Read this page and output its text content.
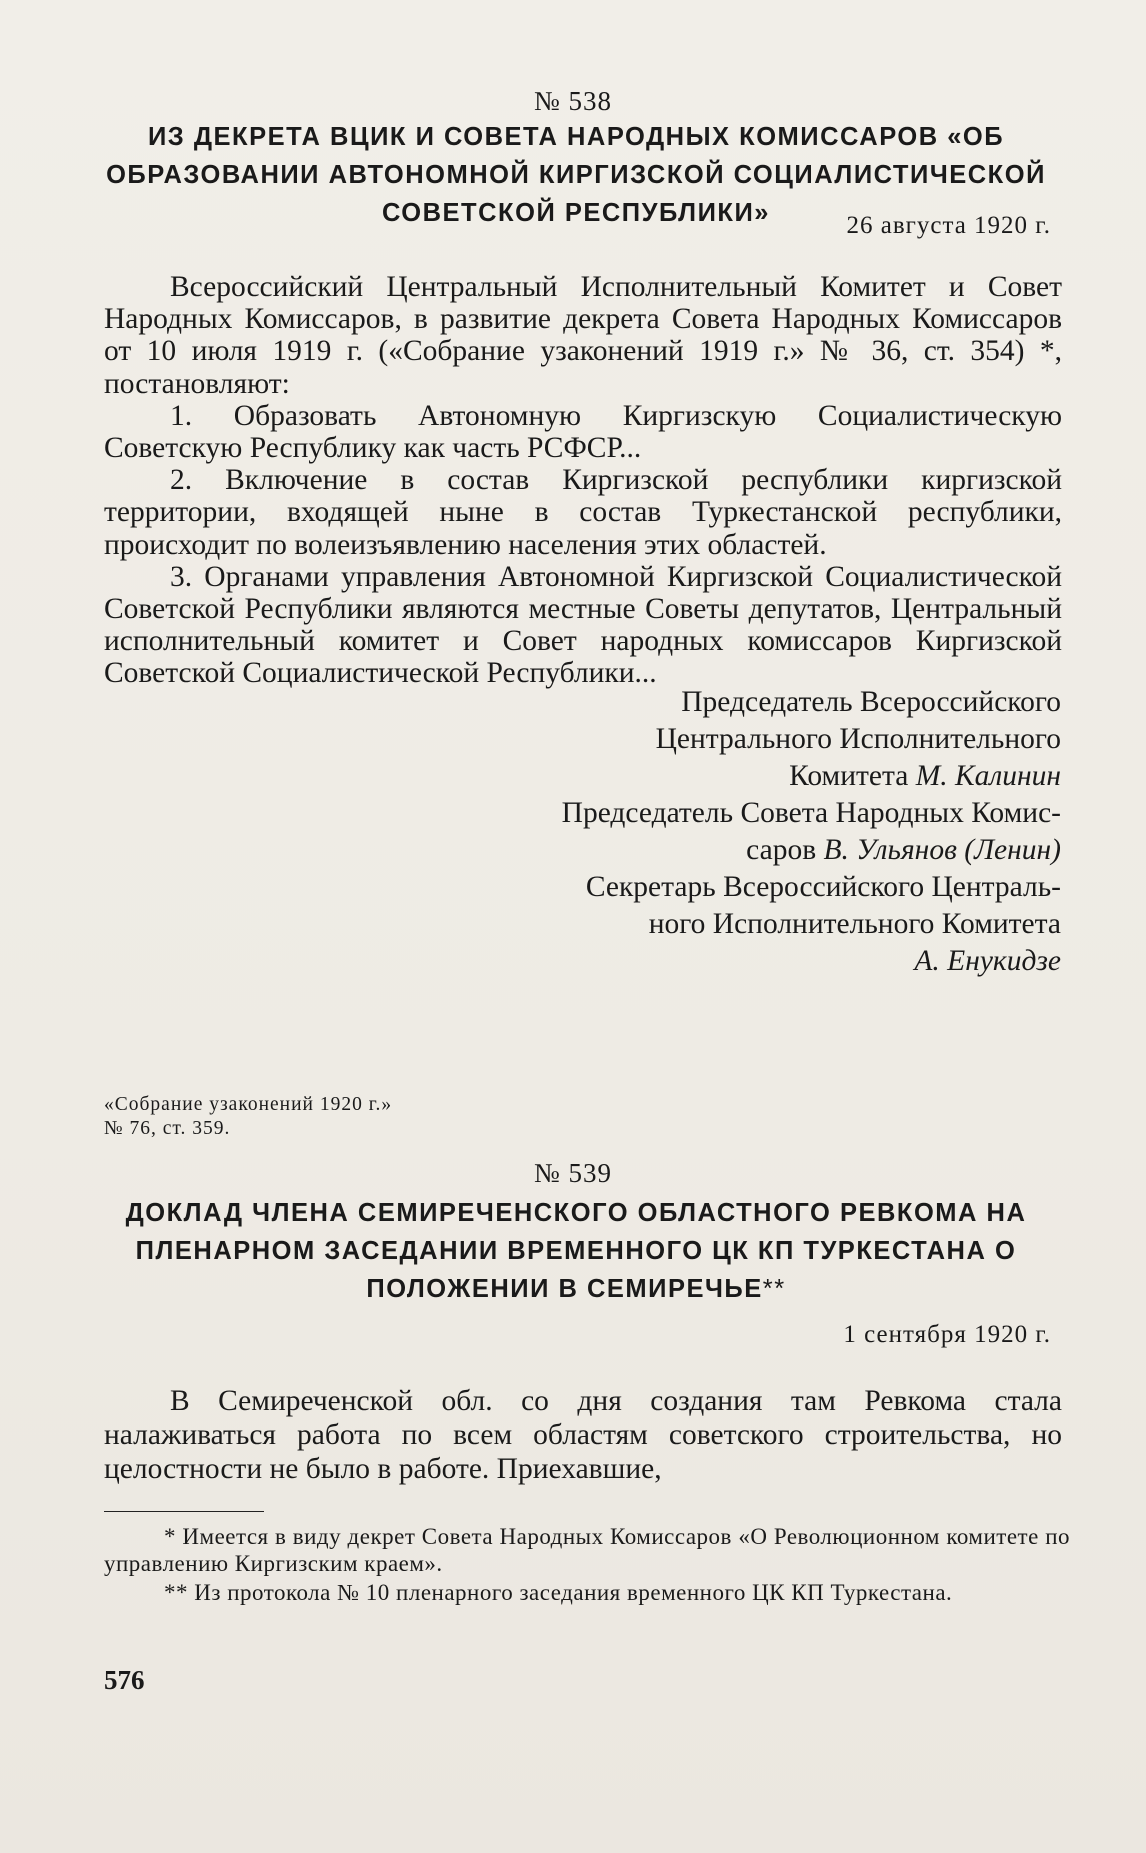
№ 538
ИЗ ДЕКРЕТА ВЦИК И СОВЕТА НАРОДНЫХ КОМИССАРОВ «ОБ ОБРАЗОВАНИИ АВТОНОМНОЙ КИРГИЗСКОЙ СОЦИАЛИСТИЧЕСКОЙ СОВЕТСКОЙ РЕСПУБЛИКИ»	26 августа 1920 г.

Всероссийский Центральный Исполнительный Комитет и Совет Народных Комиссаров, в развитие декрета Совета Народных Комиссаров от 10 июля 1919 г. («Собрание узаконений 1919 г.» № 36, ст. 354) *, постановляют:

1. Образовать Автономную Киргизскую Социалистическую Советскую Республику как часть РСФСР...

2. Включение в состав Киргизской республики киргизской территории, входящей ныне в состав Туркестанской республики, происходит по волеизъявлению населения этих областей.

3. Органами управления Автономной Киргизской Социалистической Советской Республики являются местные Советы депутатов, Центральный исполнительный комитет и Совет народных комиссаров Киргизской Советской Социалистической Республики...

Председатель Всероссийского
Центрального Исполнительного
Комитета М. Калинин
Председатель Совета Народных Комис-
саров В. Ульянов (Ленин)
Секретарь Всероссийского Централь-
ного Исполнительного Комитета
А. Енукидзе
«Собрание узаконений 1920 г.»
№ 76, ст. 359.
№ 539
ДОКЛАД ЧЛЕНА СЕМИРЕЧЕНСКОГО ОБЛАСТНОГО РЕВКОМА НА ПЛЕНАРНОМ ЗАСЕДАНИИ ВРЕМЕННОГО ЦК КП ТУРКЕСТАНА О ПОЛОЖЕНИИ В СЕМИРЕЧЬЕ**
1 сентября 1920 г.

В Семиреченской обл. со дня создания там Ревкома стала налаживаться работа по всем областям советского строительства, но целостности не было в работе. Приехавшие,

* Имеется в виду декрет Совета Народных Комиссаров «О Революционном комитете по управлению Киргизским краем».

** Из протокола № 10 пленарного заседания временного ЦК КП Туркестана.

576
